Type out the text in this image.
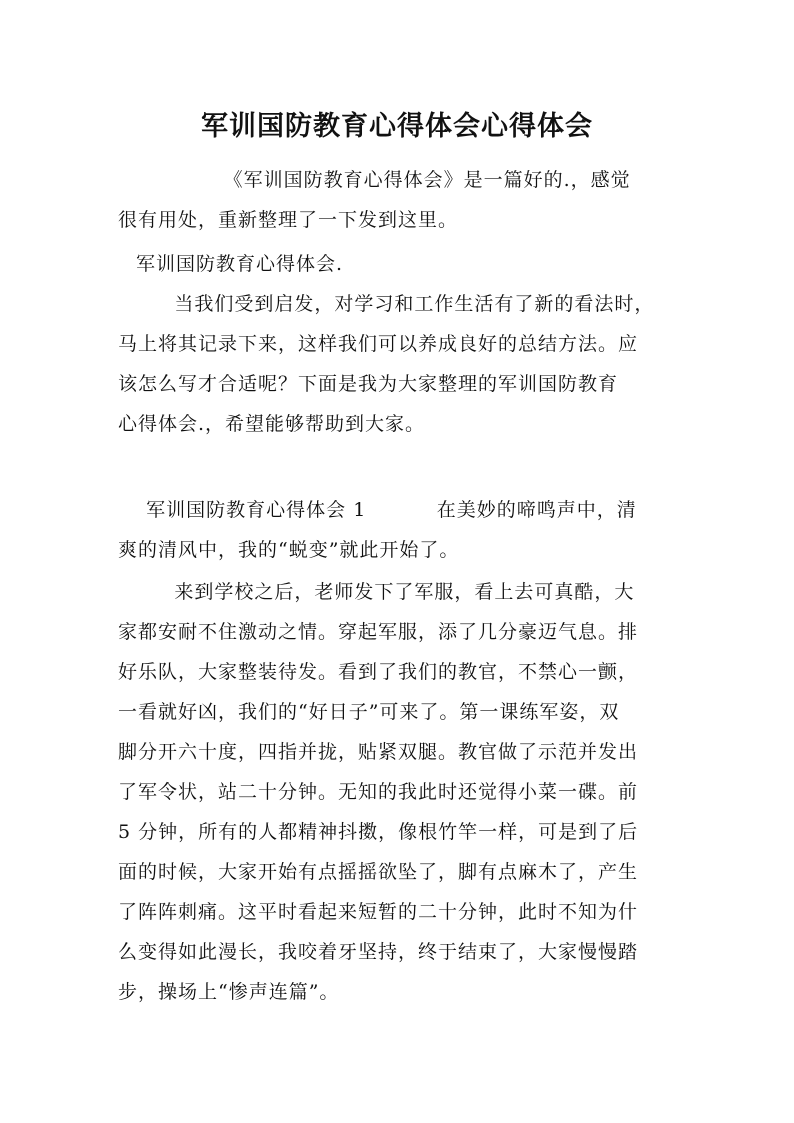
军训国防教育心得体会心得体会

《军训国防教育心得体会》是一篇好的.，感觉
很有用处，重新整理了一下发到这里。

军训国防教育心得体会.

当我们受到启发，对学习和工作生活有了新的看法时，
马上将其记录下来，这样我们可以养成良好的总结方法。应
该怎么写才合适呢？下面是我为大家整理的军训国防教育
心得体会.，希望能够帮助到大家。

军训国防教育心得体会 1          在美妙的啼鸣声中，清
爽的清风中，我的“蜕变”就此开始了。

来到学校之后，老师发下了军服，看上去可真酷，大
家都安耐不住激动之情。穿起军服，添了几分豪迈气息。排
好乐队，大家整装待发。看到了我们的教官，不禁心一颤，
一看就好凶，我们的“好日子”可来了。第一课练军姿，双
脚分开六十度，四指并拢，贴紧双腿。教官做了示范并发出
了军令状，站二十分钟。无知的我此时还觉得小菜一碟。前
5 分钟，所有的人都精神抖擞，像根竹竿一样，可是到了后
面的时候，大家开始有点摇摇欲坠了，脚有点麻木了，产生
了阵阵刺痛。这平时看起来短暂的二十分钟，此时不知为什
么变得如此漫长，我咬着牙坚持，终于结束了，大家慢慢踏
步，操场上“惨声连篇”。
